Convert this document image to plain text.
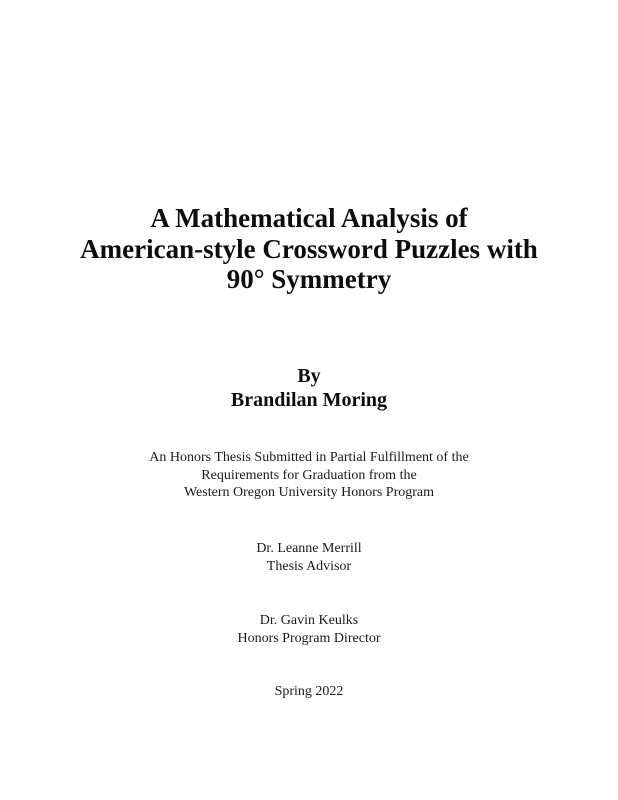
A Mathematical Analysis of
American-style Crossword Puzzles with
90° Symmetry
By
Brandilan Moring
An Honors Thesis Submitted in Partial Fulfillment of the
Requirements for Graduation from the
Western Oregon University Honors Program
Dr. Leanne Merrill
Thesis Advisor
Dr. Gavin Keulks
Honors Program Director
Spring 2022
